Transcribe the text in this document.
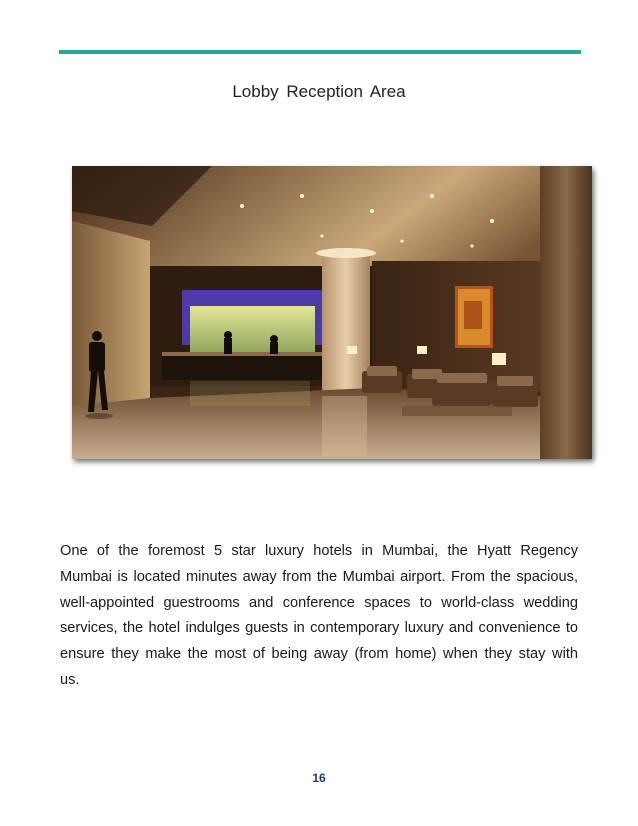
Lobby Reception Area
One of the foremost 5 star luxury hotels in Mumbai, the Hyatt Regency Mumbai is located minutes away from the Mumbai airport. From the spacious, well-appointed guestrooms and conference spaces to world-class wedding services, the hotel indulges guests in contemporary luxury and convenience to ensure they make the most of being away (from home) when they stay with us.
16
